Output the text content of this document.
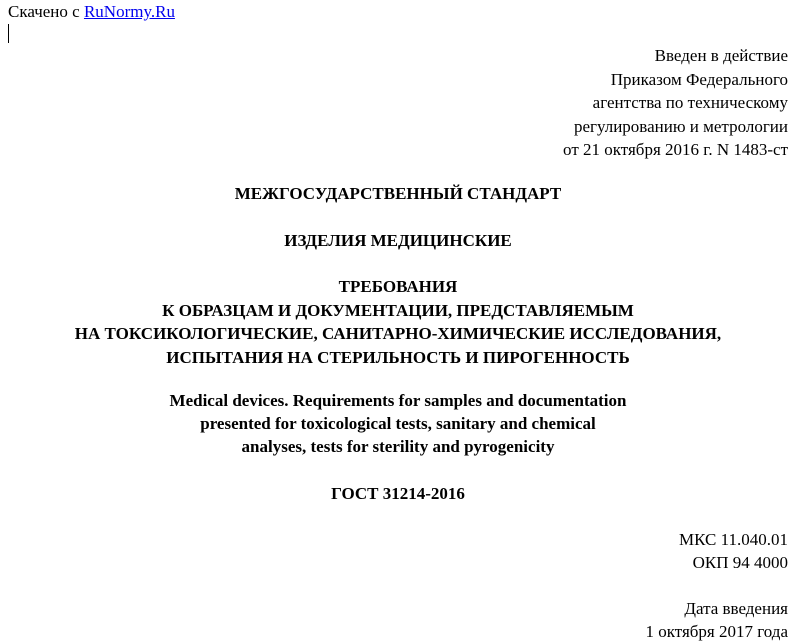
Скачено с RuNormy.Ru
Введен в действие
Приказом Федерального
агентства по техническому
регулированию и метрологии
от 21 октября 2016 г. N 1483-ст
МЕЖГОСУДАРСТВЕННЫЙ СТАНДАРТ
ИЗДЕЛИЯ МЕДИЦИНСКИЕ
ТРЕБОВАНИЯ
К ОБРАЗЦАМ И ДОКУМЕНТАЦИИ, ПРЕДСТАВЛЯЕМЫМ
НА ТОКСИКОЛОГИЧЕСКИЕ, САНИТАРНО-ХИМИЧЕСКИЕ ИССЛЕДОВАНИЯ,
ИСПЫТАНИЯ НА СТЕРИЛЬНОСТЬ И ПИРОГЕННОСТЬ
Medical devices. Requirements for samples and documentation
presented for toxicological tests, sanitary and chemical
analyses, tests for sterility and pyrogenicity
ГОСТ 31214-2016
МКС 11.040.01
ОКП 94 4000
Дата введения
1 октября 2017 года
